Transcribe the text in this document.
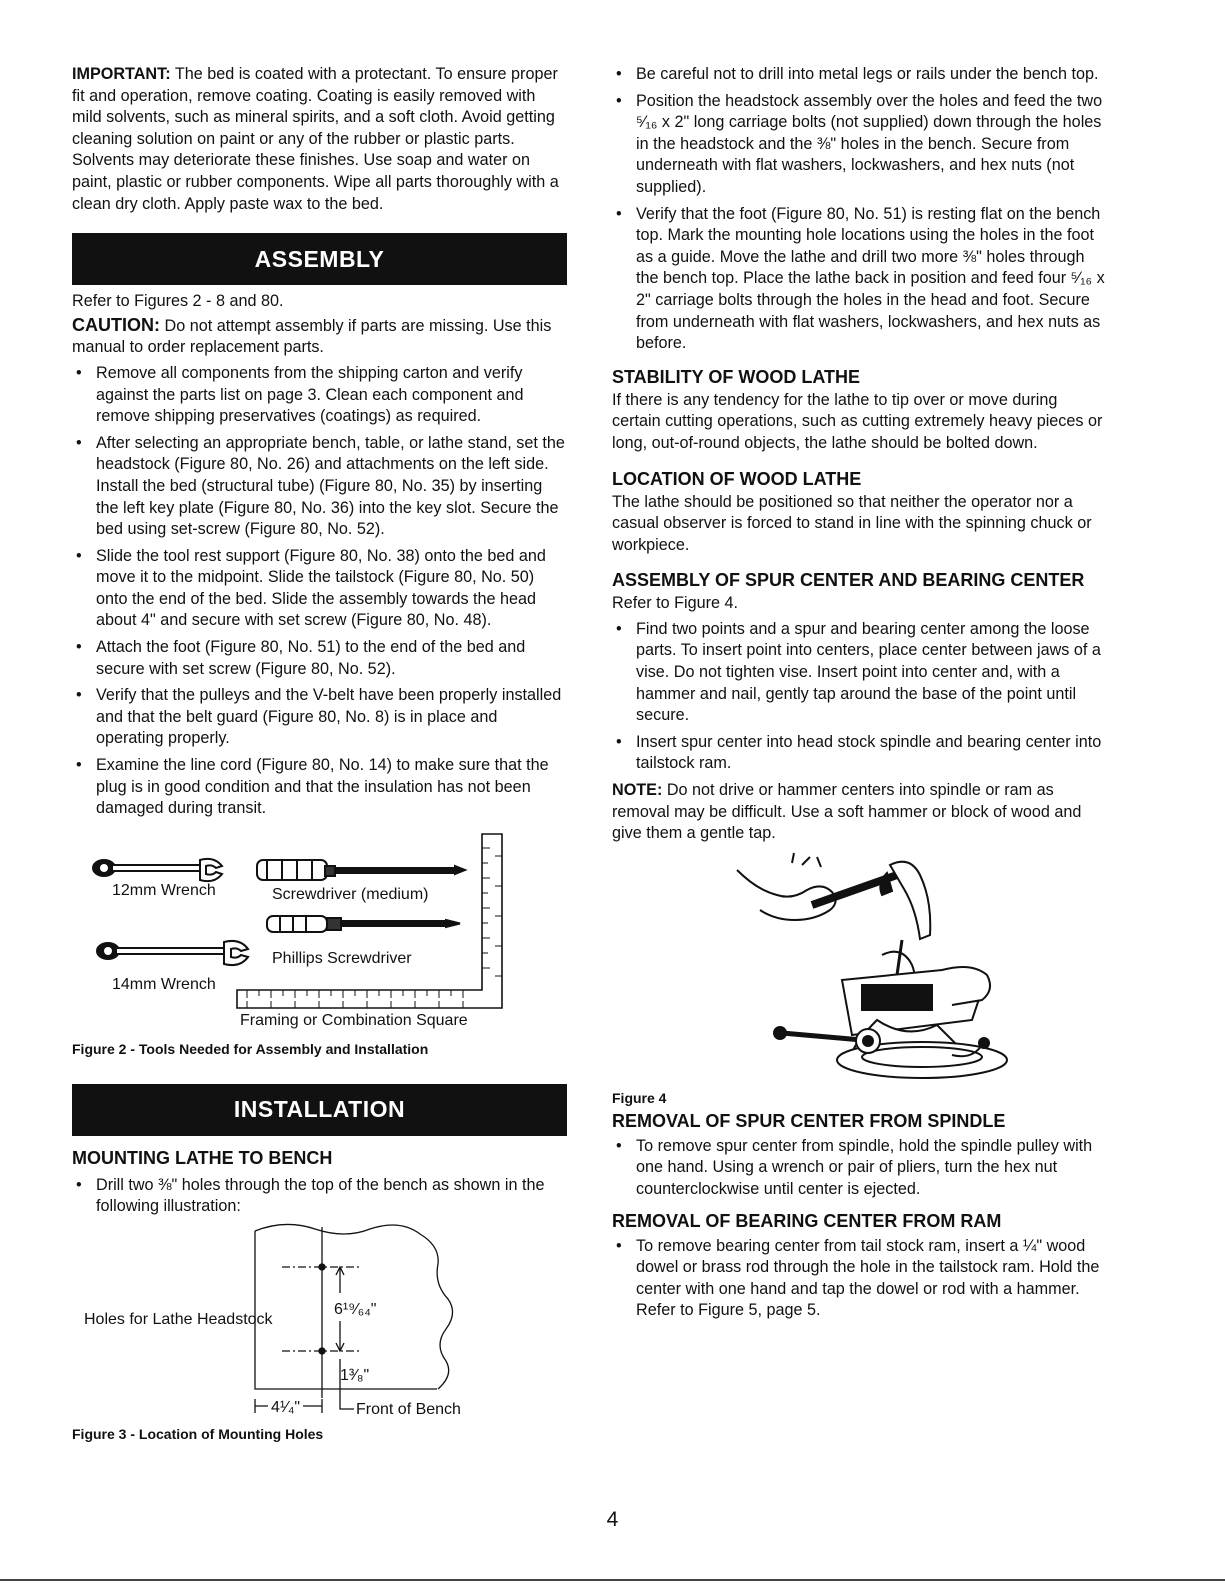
IMPORTANT: The bed is coated with a protectant. To ensure proper fit and operation, remove coating. Coating is easily removed with mild solvents, such as mineral spirits, and a soft cloth. Avoid getting cleaning solution on paint or any of the rubber or plastic parts. Solvents may deteriorate these finishes. Use soap and water on paint, plastic or rubber components. Wipe all parts thoroughly with a clean dry cloth. Apply paste wax to the bed.

ASSEMBLY

Refer to Figures 2 - 8 and 80.

CAUTION: Do not attempt assembly if parts are missing. Use this manual to order replacement parts.

• Remove all components from the shipping carton and verify against the parts list on page 3. Clean each component and remove shipping preservatives (coatings) as required.
• After selecting an appropriate bench, table, or lathe stand, set the headstock (Figure 80, No. 26) and attachments on the left side. Install the bed (structural tube) (Figure 80, No. 35) by inserting the left key plate (Figure 80, No. 36) into the key slot. Secure the bed using set-screw (Figure 80, No. 52).
• Slide the tool rest support (Figure 80, No. 38) onto the bed and move it to the midpoint. Slide the tailstock (Figure 80, No. 50) onto the end of the bed. Slide the assembly towards the head about 4" and secure with set screw (Figure 80, No. 48).
• Attach the foot (Figure 80, No. 51) to the end of the bed and secure with set screw (Figure 80, No. 52).
• Verify that the pulleys and the V-belt have been properly installed and that the belt guard (Figure 80, No. 8) is in place and operating properly.
• Examine the line cord (Figure 80, No. 14) to make sure that the plug is in good condition and that the insulation has not been damaged during transit.
12mm Wrench	Screwdriver (medium)
Phillips Screwdriver
14mm Wrench
Framing or Combination Square
Figure 2 - Tools Needed for Assembly and Installation
INSTALLATION
MOUNTING LATHE TO BENCH
• Drill two ⅜" holes through the top of the bench as shown in the following illustration:
Holes for Lathe Headstock
6¹⁹⁄₆₄"
1³⁄₈"
4¹⁄₄"	Front of Bench
Figure 3 - Location of Mounting Holes
• Be careful not to drill into metal legs or rails under the bench top.
• Position the headstock assembly over the holes and feed the two ⁵⁄₁₆ x 2" long carriage bolts (not supplied) down through the holes in the headstock and the ⅜" holes in the bench. Secure from underneath with flat washers, lockwashers, and hex nuts (not supplied).
• Verify that the foot (Figure 80, No. 51) is resting flat on the bench top. Mark the mounting hole locations using the holes in the foot as a guide. Move the lathe and drill two more ⅜" holes through the bench top. Place the lathe back in position and feed four ⁵⁄₁₆ x 2" carriage bolts through the holes in the head and foot. Secure from underneath with flat washers, lockwashers, and hex nuts as before.
STABILITY OF WOOD LATHE

If there is any tendency for the lathe to tip over or move during certain cutting operations, such as cutting extremely heavy pieces or long, out-of-round objects, the lathe should be bolted down.

LOCATION OF WOOD LATHE

The lathe should be positioned so that neither the operator nor a casual observer is forced to stand in line with the spinning chuck or workpiece.

ASSEMBLY OF SPUR CENTER AND BEARING CENTER

Refer to Figure 4.

• Find two points and a spur and bearing center among the loose parts. To insert point into centers, place center between jaws of a vise. Do not tighten vise. Insert point into center and, with a hammer and nail, gently tap around the base of the point until secure.
• Insert spur center into head stock spindle and bearing center into tailstock ram.

NOTE: Do not drive or hammer centers into spindle or ram as removal may be difficult. Use a soft hammer or block of wood and give them a gentle tap.

Figure 4
REMOVAL OF SPUR CENTER FROM SPINDLE
• To remove spur center from spindle, hold the spindle pulley with one hand. Using a wrench or pair of pliers, turn the hex nut counterclockwise until center is ejected.
REMOVAL OF BEARING CENTER FROM RAM
• To remove bearing center from tail stock ram, insert a ¼" wood dowel or brass rod through the hole in the tailstock ram. Hold the center with one hand and tap the dowel or rod with a hammer. Refer to Figure 5, page 5.
4
